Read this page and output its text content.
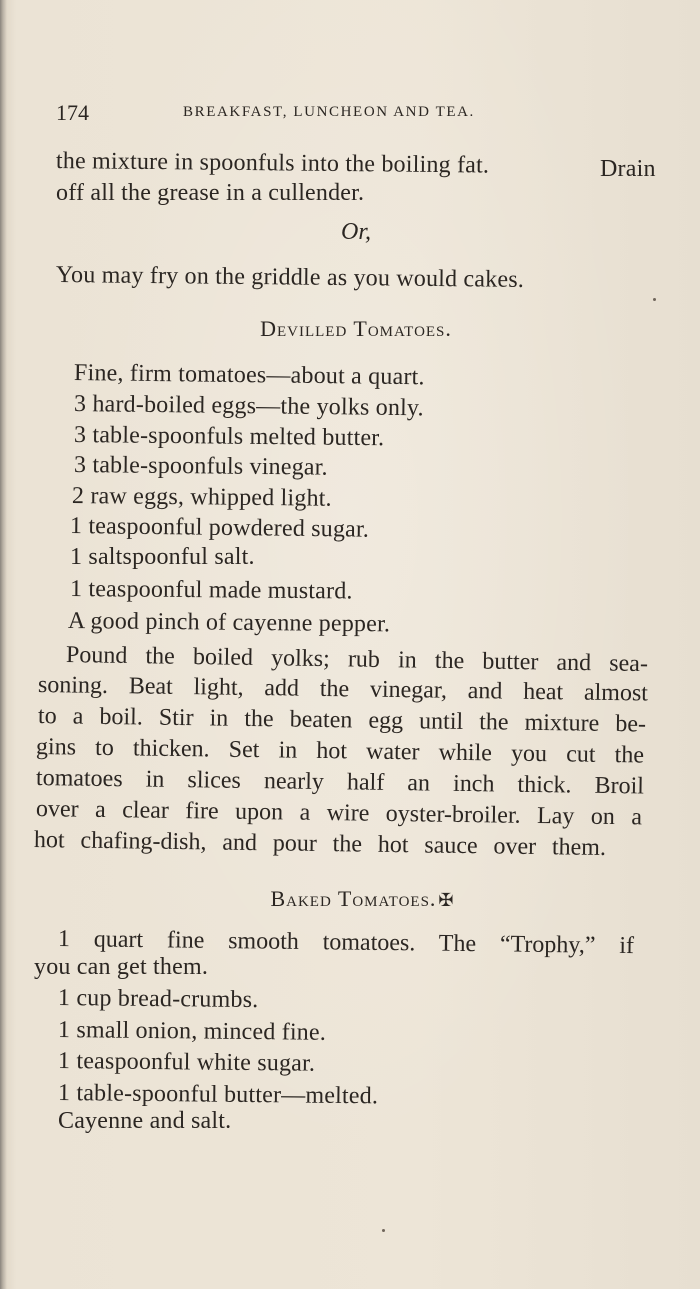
174	BREAKFAST, LUNCHEON AND TEA.
the mixture in spoonfuls into the boiling fat.	Drain
off all the grease in a cullender.
Or,
You may fry on the griddle as you would cakes.
Devilled Tomatoes.
Fine, firm tomatoes—about a quart.
3 hard-boiled eggs—the yolks only.
3 table-spoonfuls melted butter.
3 table-spoonfuls vinegar.
2 raw eggs, whipped light.
1 teaspoonful powdered sugar.
1 saltspoonful salt.
1 teaspoonful made mustard.
A good pinch of cayenne pepper.
Pound the boiled yolks; rub in the butter and sea-
soning. Beat light, add the vinegar, and heat almost
to a boil. Stir in the beaten egg until the mixture be-
gins to thicken. Set in hot water while you cut the
tomatoes in slices nearly half an inch thick. Broil
over a clear fire upon a wire oyster-broiler. Lay on a
hot chafing-dish, and pour the hot sauce over them.
Baked Tomatoes. ✠
1 quart fine smooth tomatoes. The “Trophy,” if
you can get them.
1 cup bread-crumbs.
1 small onion, minced fine.
1 teaspoonful white sugar.
1 table-spoonful butter—melted.
Cayenne and salt.
